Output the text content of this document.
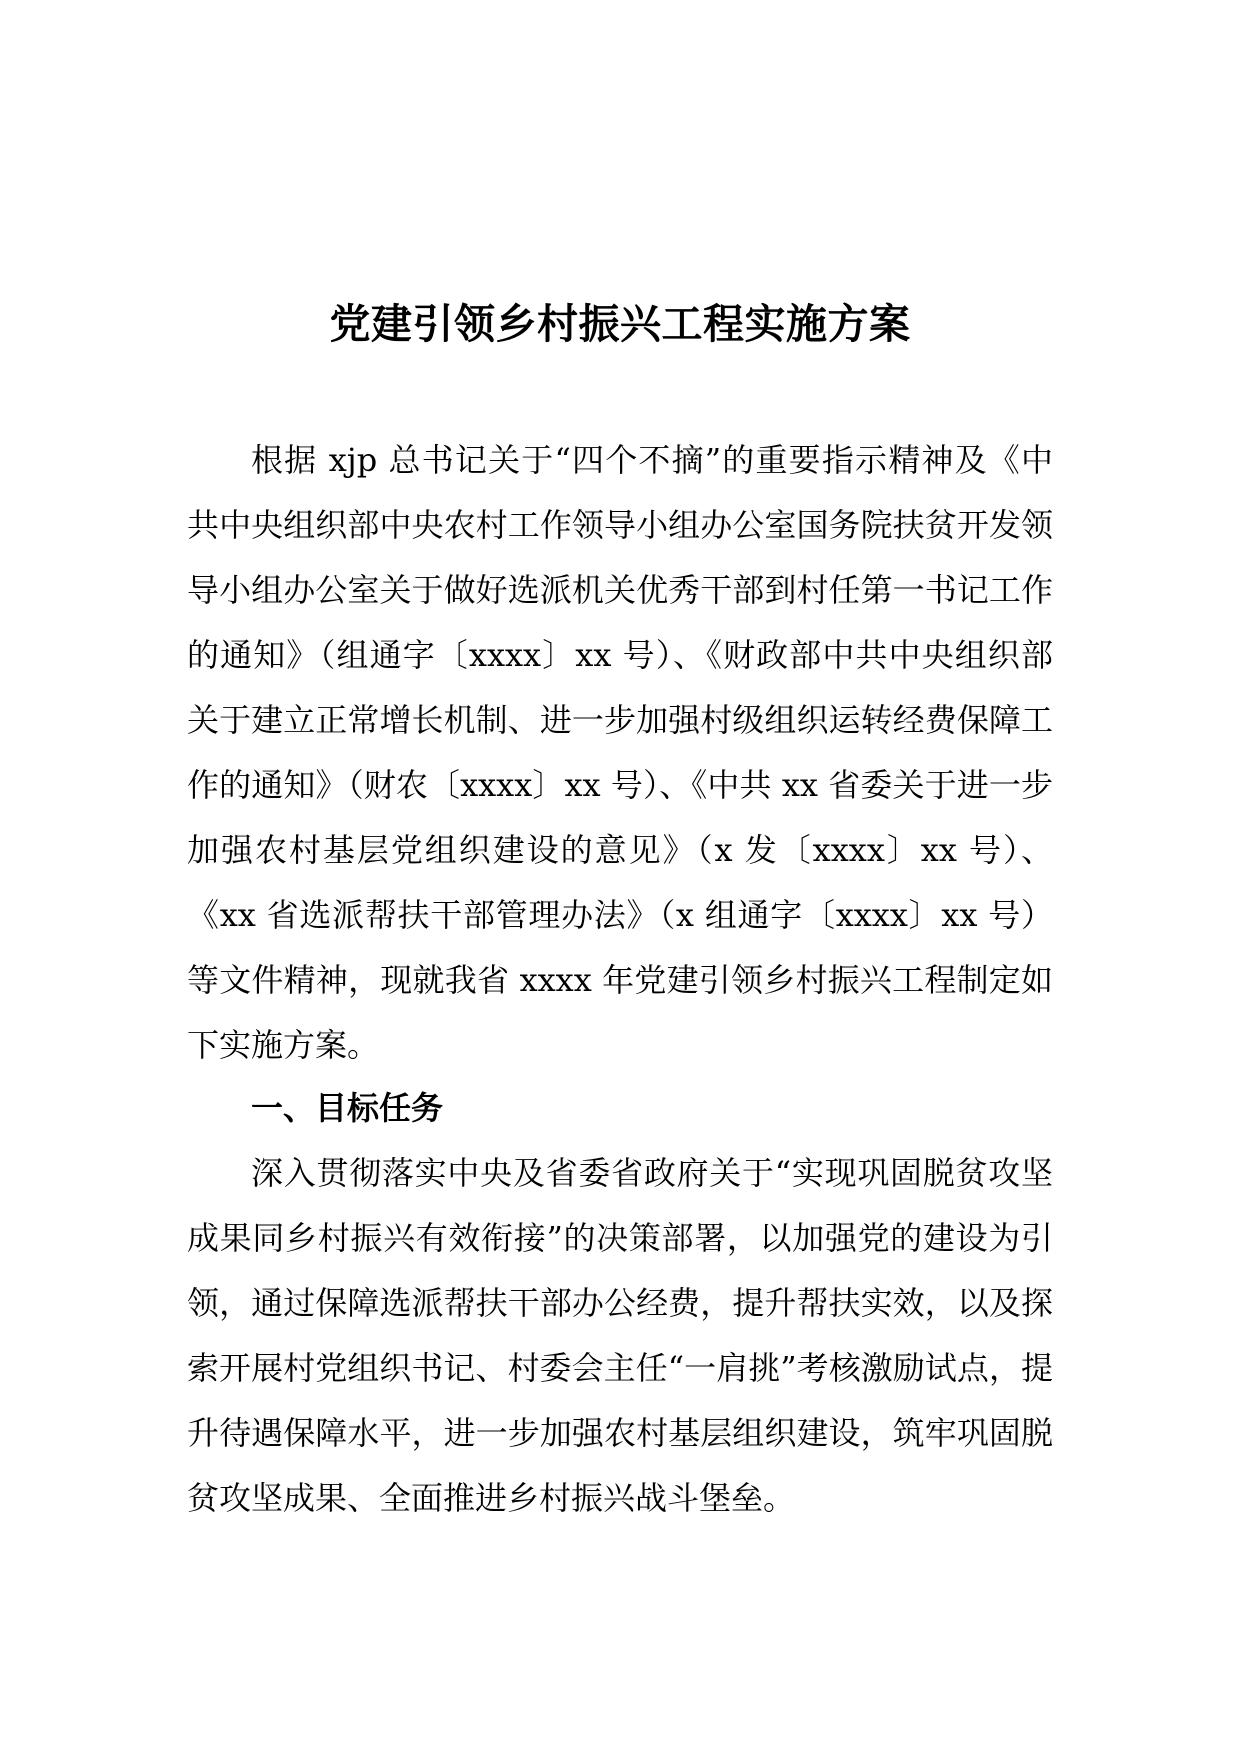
党建引领乡村振兴工程实施方案

根据 xjp 总书记关于“四个不摘”的重要指示精神及《中共中央组织部中央农村工作领导小组办公室国务院扶贫开发领导小组办公室关于做好选派机关优秀干部到村任第一书记工作的通知》（组通字〔xxxx〕xx 号）、《财政部中共中央组织部关于建立正常增长机制、进一步加强村级组织运转经费保障工作的通知》（财农〔xxxx〕xx 号）、《中共 xx 省委关于进一步加强农村基层党组织建设的意见》（x 发〔xxxx〕xx 号）、《xx 省选派帮扶干部管理办法》（x 组通字〔xxxx〕xx 号）等文件精神，现就我省 xxxx 年党建引领乡村振兴工程制定如下实施方案。

一、目标任务

深入贯彻落实中央及省委省政府关于“实现巩固脱贫攻坚成果同乡村振兴有效衔接”的决策部署，以加强党的建设为引领，通过保障选派帮扶干部办公经费，提升帮扶实效，以及探索开展村党组织书记、村委会主任“一肩挑”考核激励试点，提升待遇保障水平，进一步加强农村基层组织建设，筑牢巩固脱贫攻坚成果、全面推进乡村振兴战斗堡垒。
